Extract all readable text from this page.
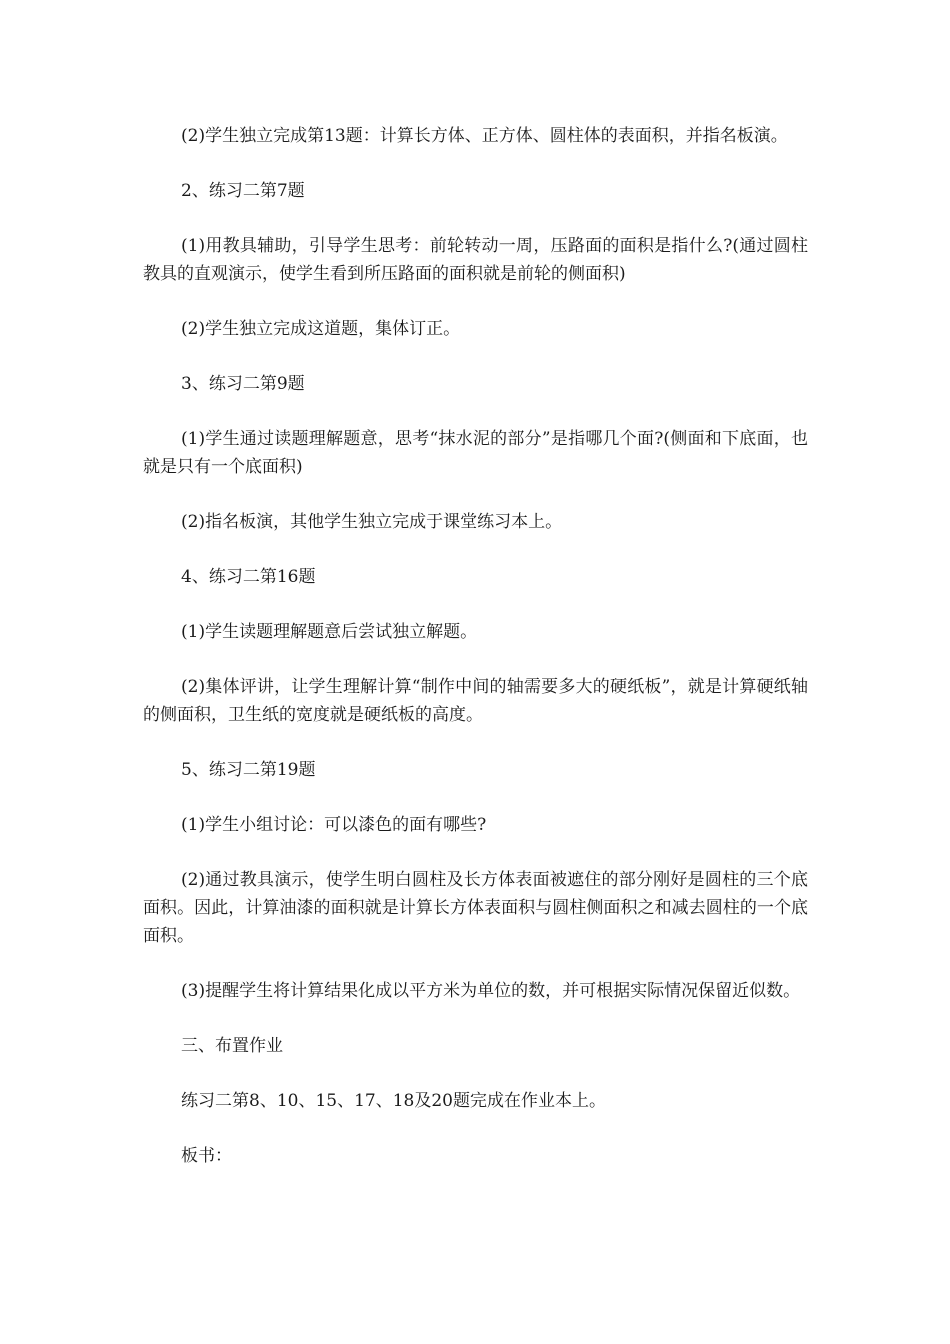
(2)学生独立完成第13题：计算长方体、正方体、圆柱体的表面积，并指名板演。

2、练习二第7题

(1)用教具辅助，引导学生思考：前轮转动一周，压路面的面积是指什么?(通过圆柱教具的直观演示，使学生看到所压路面的面积就是前轮的侧面积)

(2)学生独立完成这道题，集体订正。

3、练习二第9题

(1)学生通过读题理解题意，思考“抹水泥的部分”是指哪几个面?(侧面和下底面，也就是只有一个底面积)

(2)指名板演，其他学生独立完成于课堂练习本上。

4、练习二第16题

(1)学生读题理解题意后尝试独立解题。

(2)集体评讲，让学生理解计算“制作中间的轴需要多大的硬纸板”，就是计算硬纸轴的侧面积，卫生纸的宽度就是硬纸板的高度。

5、练习二第19题

(1)学生小组讨论：可以漆色的面有哪些?

(2)通过教具演示，使学生明白圆柱及长方体表面被遮住的部分刚好是圆柱的三个底面积。因此，计算油漆的面积就是计算长方体表面积与圆柱侧面积之和减去圆柱的一个底面积。

(3)提醒学生将计算结果化成以平方米为单位的数，并可根据实际情况保留近似数。

三、布置作业

练习二第8、10、15、17、18及20题完成在作业本上。

板书：
